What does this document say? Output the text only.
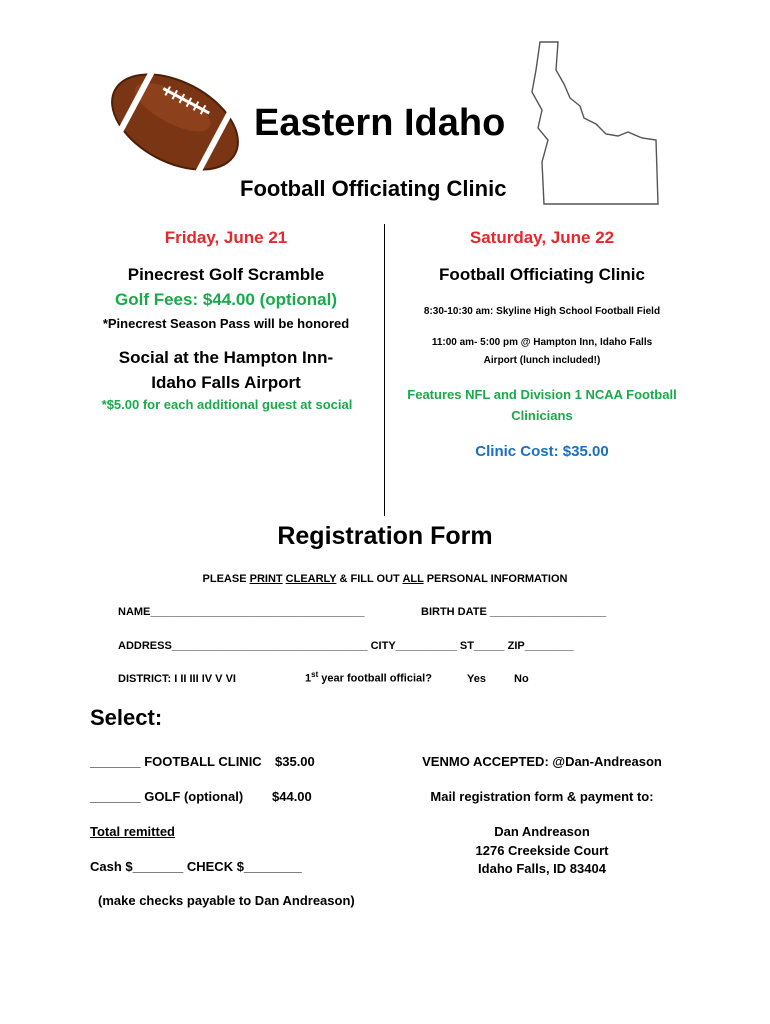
Eastern Idaho
Football Officiating Clinic
Friday, June 21
Pinecrest Golf Scramble
Golf Fees: $44.00 (optional)
*Pinecrest Season Pass will be honored
Social at the Hampton Inn-
Idaho Falls Airport
*$5.00 for each additional guest at social
Saturday, June 22
Football Officiating Clinic
8:30-10:30 am: Skyline High School Football Field
11:00 am- 5:00 pm @ Hampton Inn, Idaho Falls
Airport (lunch included!)
Features NFL and Division 1 NCAA Football
Clinicians
Clinic Cost: $35.00
Registration Form
PLEASE PRINT CLEARLY & FILL OUT ALL PERSONAL INFORMATION
NAME___________________________________	BIRTH DATE ___________________
ADDRESS________________________________ CITY__________ ST_____ ZIP________
DISTRICT: I II III IV V VI	1st year football official?	Yes	No
Select:
_______ FOOTBALL CLINIC $35.00
_______ GOLF (optional) $44.00
Total remitted
Cash $_______ CHECK $________
(make checks payable to Dan Andreason)
VENMO ACCEPTED: @Dan-Andreason
Mail registration form & payment to:
Dan Andreason
1276 Creekside Court
Idaho Falls, ID 83404
